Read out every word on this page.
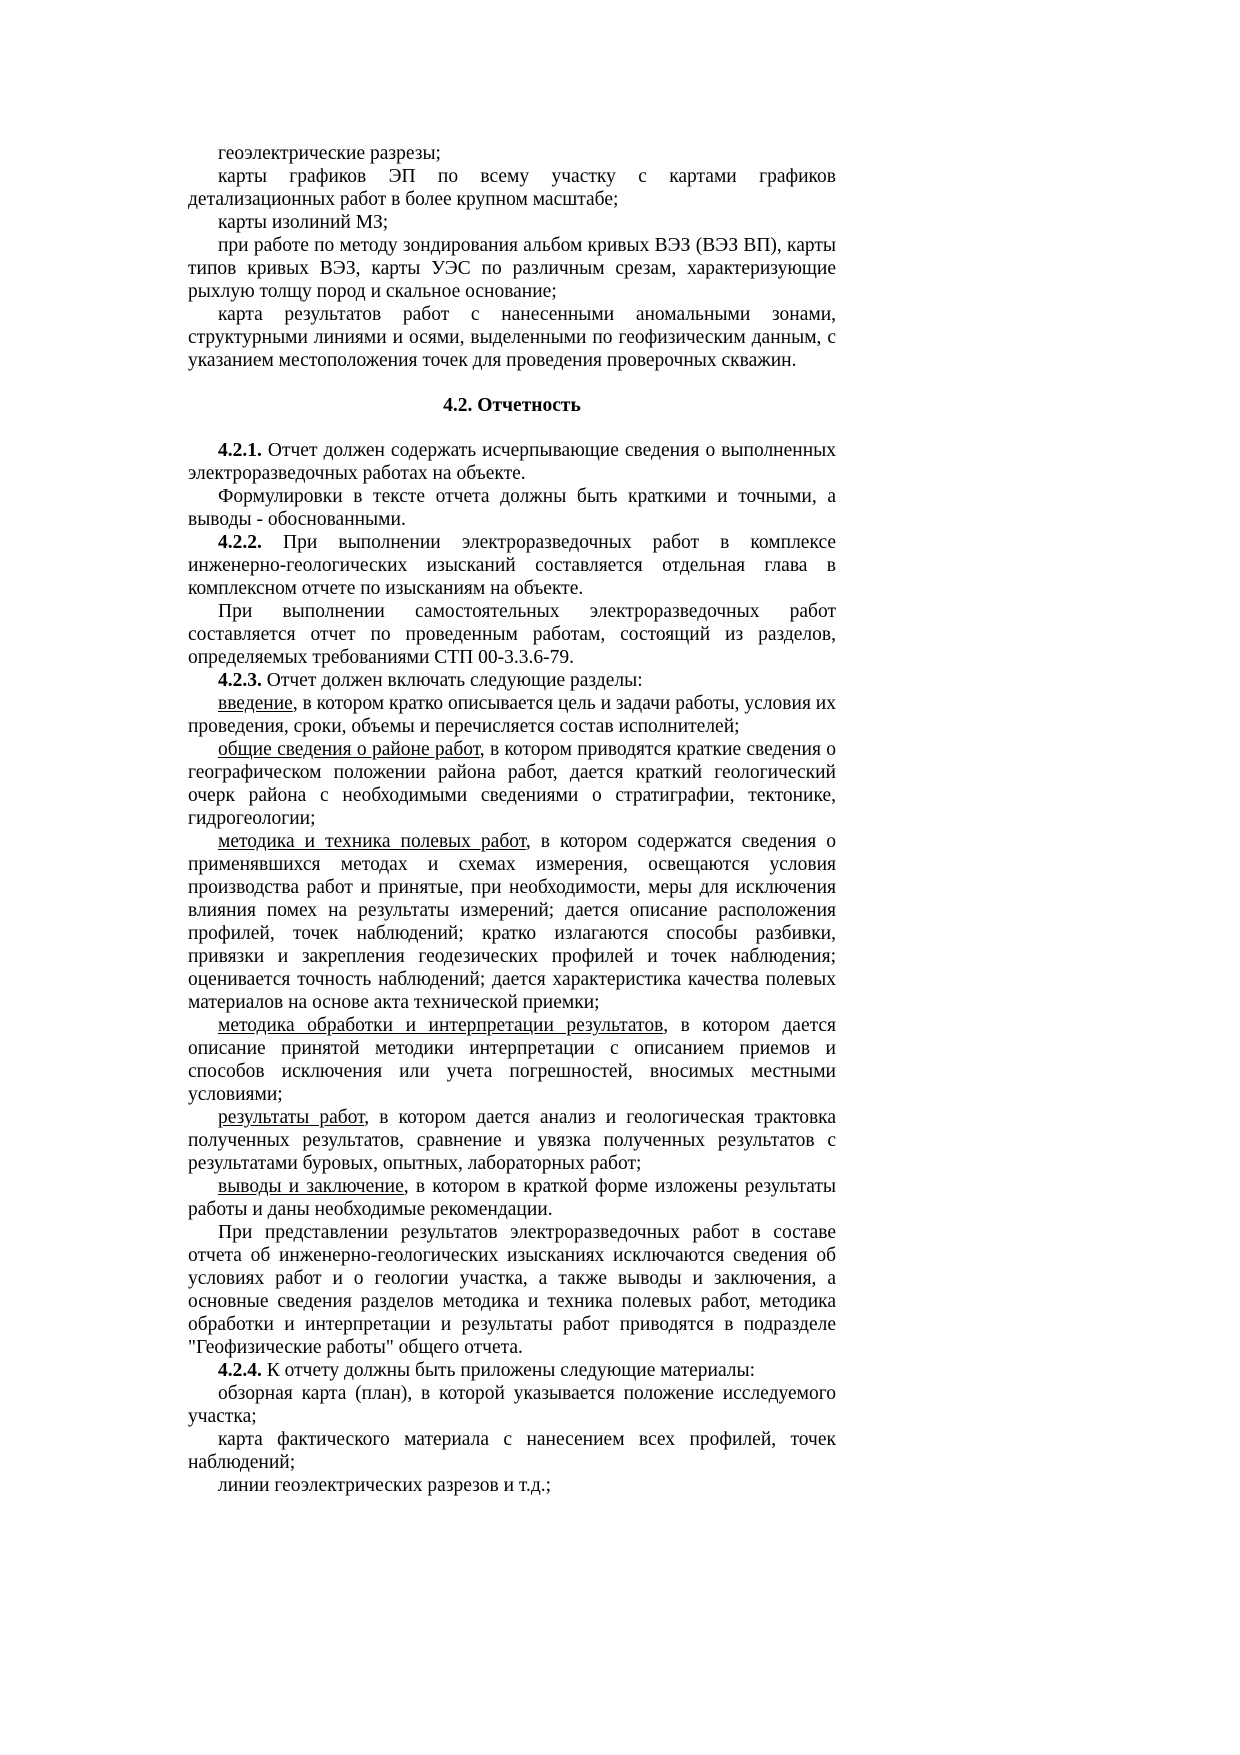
геоэлектрические разрезы;

карты графиков ЭП по всему участку с картами графиков детализационных работ в более крупном масштабе;

карты изолиний МЗ;

при работе по методу зондирования альбом кривых ВЭЗ (ВЭЗ ВП), карты типов кривых ВЭЗ, карты УЭС по различным срезам, характеризующие рыхлую толщу пород и скальное основание;

карта результатов работ с нанесенными аномальными зонами, структурными линиями и осями, выделенными по геофизическим данным, с указанием местоположения точек для проведения проверочных скважин.

4.2. Отчетность

4.2.1. Отчет должен содержать исчерпывающие сведения о выполненных электроразведочных работах на объекте.

Формулировки в тексте отчета должны быть краткими и точными, а выводы - обоснованными.

4.2.2. При выполнении электроразведочных работ в комплексе инженерно-геологических изысканий составляется отдельная глава в комплексном отчете по изысканиям на объекте.

При выполнении самостоятельных электроразведочных работ составляется отчет по проведенным работам, состоящий из разделов, определяемых требованиями СТП 00-3.3.6-79.

4.2.3. Отчет должен включать следующие разделы:

введение, в котором кратко описывается цель и задачи работы, условия их проведения, сроки, объемы и перечисляется состав исполнителей;

общие сведения о районе работ, в котором приводятся краткие сведения о географическом положении района работ, дается краткий геологический очерк района с необходимыми сведениями о стратиграфии, тектонике, гидрогеологии;

методика и техника полевых работ, в котором содержатся сведения о применявшихся методах и схемах измерения, освещаются условия производства работ и принятые, при необходимости, меры для исключения влияния помех на результаты измерений; дается описание расположения профилей, точек наблюдений; кратко излагаются способы разбивки, привязки и закрепления геодезических профилей и точек наблюдения; оценивается точность наблюдений; дается характеристика качества полевых материалов на основе акта технической приемки;

методика обработки и интерпретации результатов, в котором дается описание принятой методики интерпретации с описанием приемов и способов исключения или учета погрешностей, вносимых местными условиями;

результаты работ, в котором дается анализ и геологическая трактовка полученных результатов, сравнение и увязка полученных результатов с результатами буровых, опытных, лабораторных работ;

выводы и заключение, в котором в краткой форме изложены результаты работы и даны необходимые рекомендации.

При представлении результатов электроразведочных работ в составе отчета об инженерно-геологических изысканиях исключаются сведения об условиях работ и о геологии участка, а также выводы и заключения, а основные сведения разделов методика и техника полевых работ, методика обработки и интерпретации и результаты работ приводятся в подразделе "Геофизические работы" общего отчета.

4.2.4. К отчету должны быть приложены следующие материалы:

обзорная карта (план), в которой указывается положение исследуемого участка;

карта фактического материала с нанесением всех профилей, точек наблюдений;

линии геоэлектрических разрезов и т.д.;
